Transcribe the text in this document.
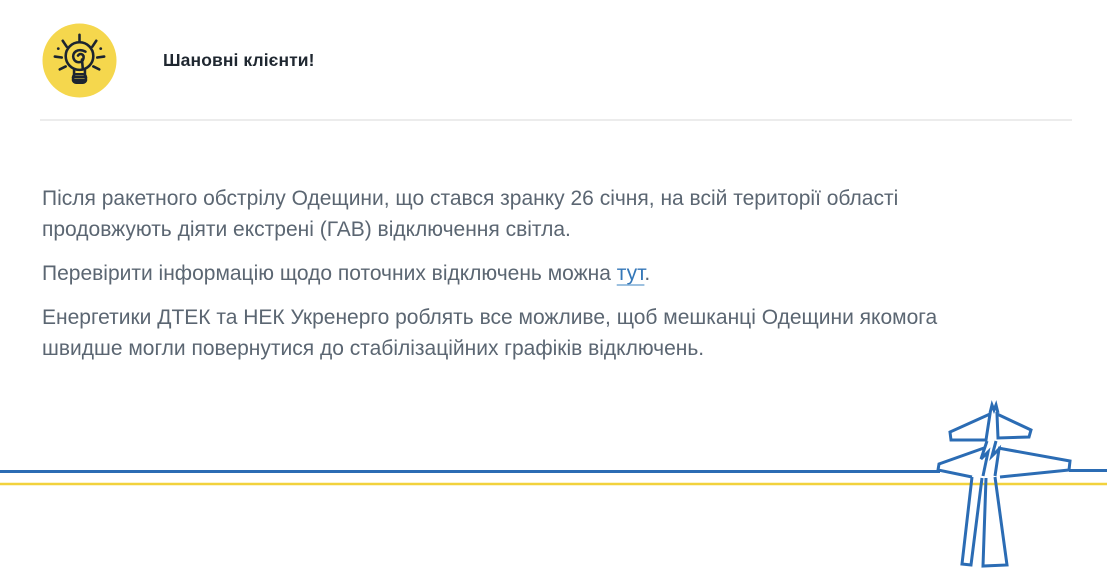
Шановні клієнти!

Після ракетного обстрілу Одещини, що стався зранку 26 січня, на всій території області продовжують діяти екстрені (ГАВ) відключення світла.

Перевірити інформацію щодо поточних відключень можна тут.

Енергетики ДТЕК та НЕК Укренерго роблять все можливе, щоб мешканці Одещини якомога швидше могли повернутися до стабілізаційних графіків відключень.
